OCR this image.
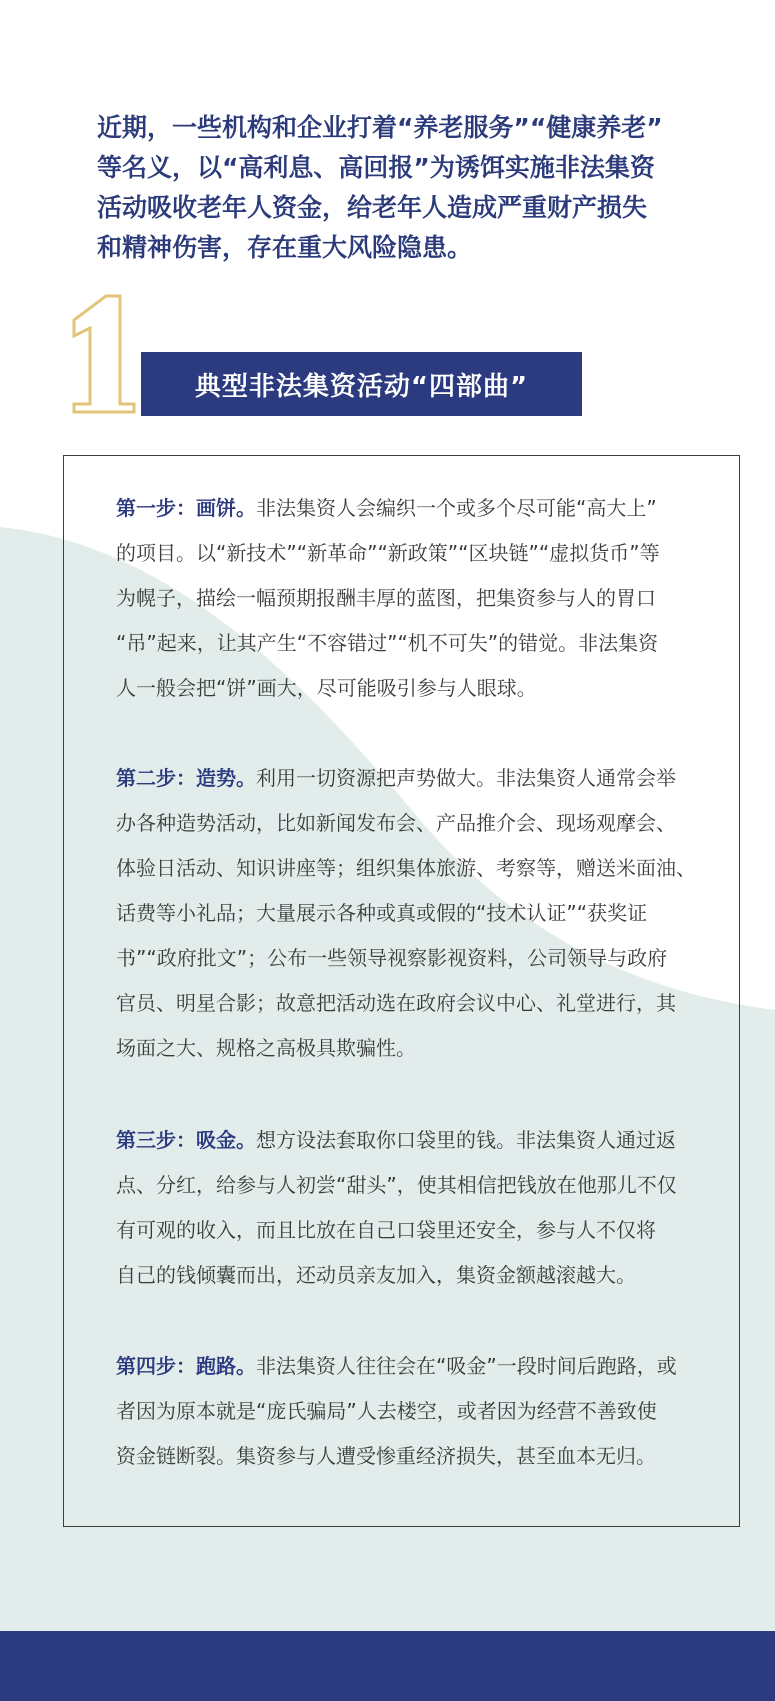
近期，一些机构和企业打着“养老服务”“健康养老”
等名义，以“高利息、高回报”为诱饵实施非法集资
活动吸收老年人资金，给老年人造成严重财产损失
和精神伤害，存在重大风险隐患。
典型非法集资活动“四部曲”
第一步：画饼。非法集资人会编织一个或多个尽可能“高大上”
的项目。以“新技术”“新革命”“新政策”“区块链”“虚拟货币”等
为幌子，描绘一幅预期报酬丰厚的蓝图，把集资参与人的胃口
“吊”起来，让其产生“不容错过”“机不可失”的错觉。非法集资
人一般会把“饼”画大，尽可能吸引参与人眼球。
第二步：造势。利用一切资源把声势做大。非法集资人通常会举
办各种造势活动，比如新闻发布会、产品推介会、现场观摩会、
体验日活动、知识讲座等；组织集体旅游、考察等，赠送米面油、
话费等小礼品；大量展示各种或真或假的“技术认证”“获奖证
书”“政府批文”；公布一些领导视察影视资料，公司领导与政府
官员、明星合影；故意把活动选在政府会议中心、礼堂进行，其
场面之大、规格之高极具欺骗性。
第三步：吸金。想方设法套取你口袋里的钱。非法集资人通过返
点、分红，给参与人初尝“甜头”，使其相信把钱放在他那儿不仅
有可观的收入，而且比放在自己口袋里还安全，参与人不仅将
自己的钱倾囊而出，还动员亲友加入，集资金额越滚越大。
第四步：跑路。非法集资人往往会在“吸金”一段时间后跑路，或
者因为原本就是“庞氏骗局”人去楼空，或者因为经营不善致使
资金链断裂。集资参与人遭受惨重经济损失，甚至血本无归。
